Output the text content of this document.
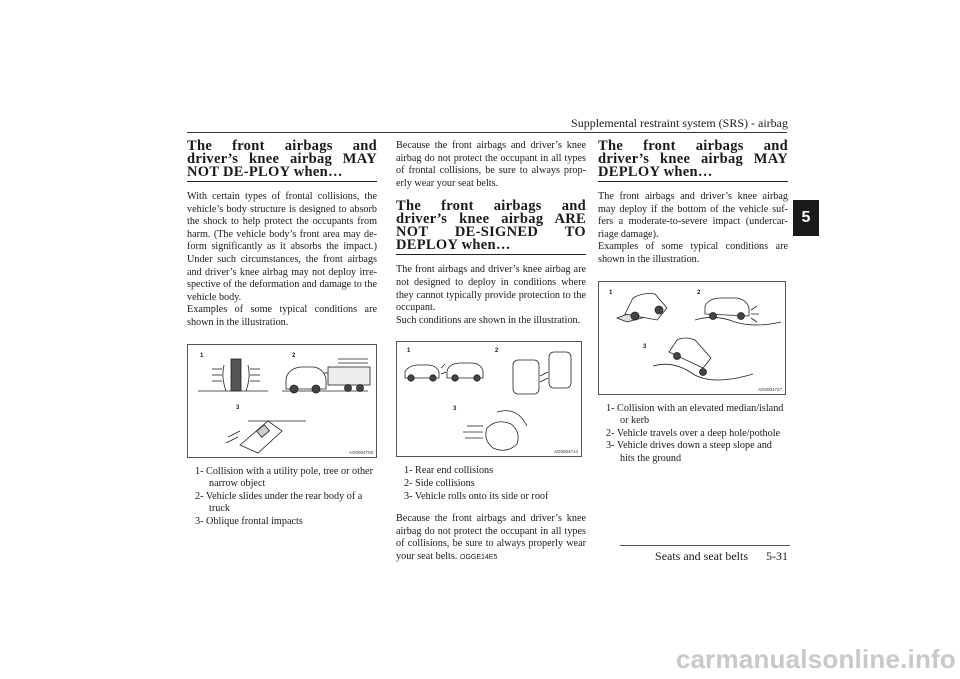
Supplemental restraint system (SRS) - airbag
5
The front airbags and driver’s knee airbag MAY NOT DE-PLOY when…

With certain types of frontal collisions, the vehicle’s body structure is designed to absorb the shock to help protect the occupants from harm. (The vehicle body’s front area may de-form significantly as it absorbs the impact.) Under such circumstances, the front airbags and driver’s knee airbag may not deploy irre-spective of the deformation and damage to the vehicle body.

Examples of some typical conditions are shown in the illustration.

1	2
3
AG0004703
1- Collision with a utility pole, tree or other narrow object
2- Vehicle slides under the rear body of a truck
3- Oblique frontal impacts

Because the front airbags and driver’s knee airbag do not protect the occupant in all types of frontal collisions, be sure to always prop-erly wear your seat belts.

The front airbags and driver’s knee airbag ARE NOT DE-SIGNED TO DEPLOY when…

The front airbags and driver’s knee airbag are not designed to deploy in conditions where they cannot typically provide protection to the occupant.

Such conditions are shown in the illustration.

1	2
3
AG0004714
1- Rear end collisions
2- Side collisions
3- Vehicle rolls onto its side or roof

Because the front airbags and driver’s knee airbag do not protect the occupant in all types of collisions, be sure to always properly wear your seat belts.

The front airbags and driver’s knee airbag MAY DEPLOY when…

The front airbags and driver’s knee airbag may deploy if the bottom of the vehicle suf-fers a moderate-to-severe impact (undercar-riage damage).

Examples of some typical conditions are shown in the illustration.

1	2
3
AG0004727
1- Collision with an elevated median/island or kerb
2- Vehicle travels over a deep hole/pothole
3- Vehicle drives down a steep slope and hits the ground
OGGE14E5	Seats and seat belts 5-31
carmanualsonline.info
